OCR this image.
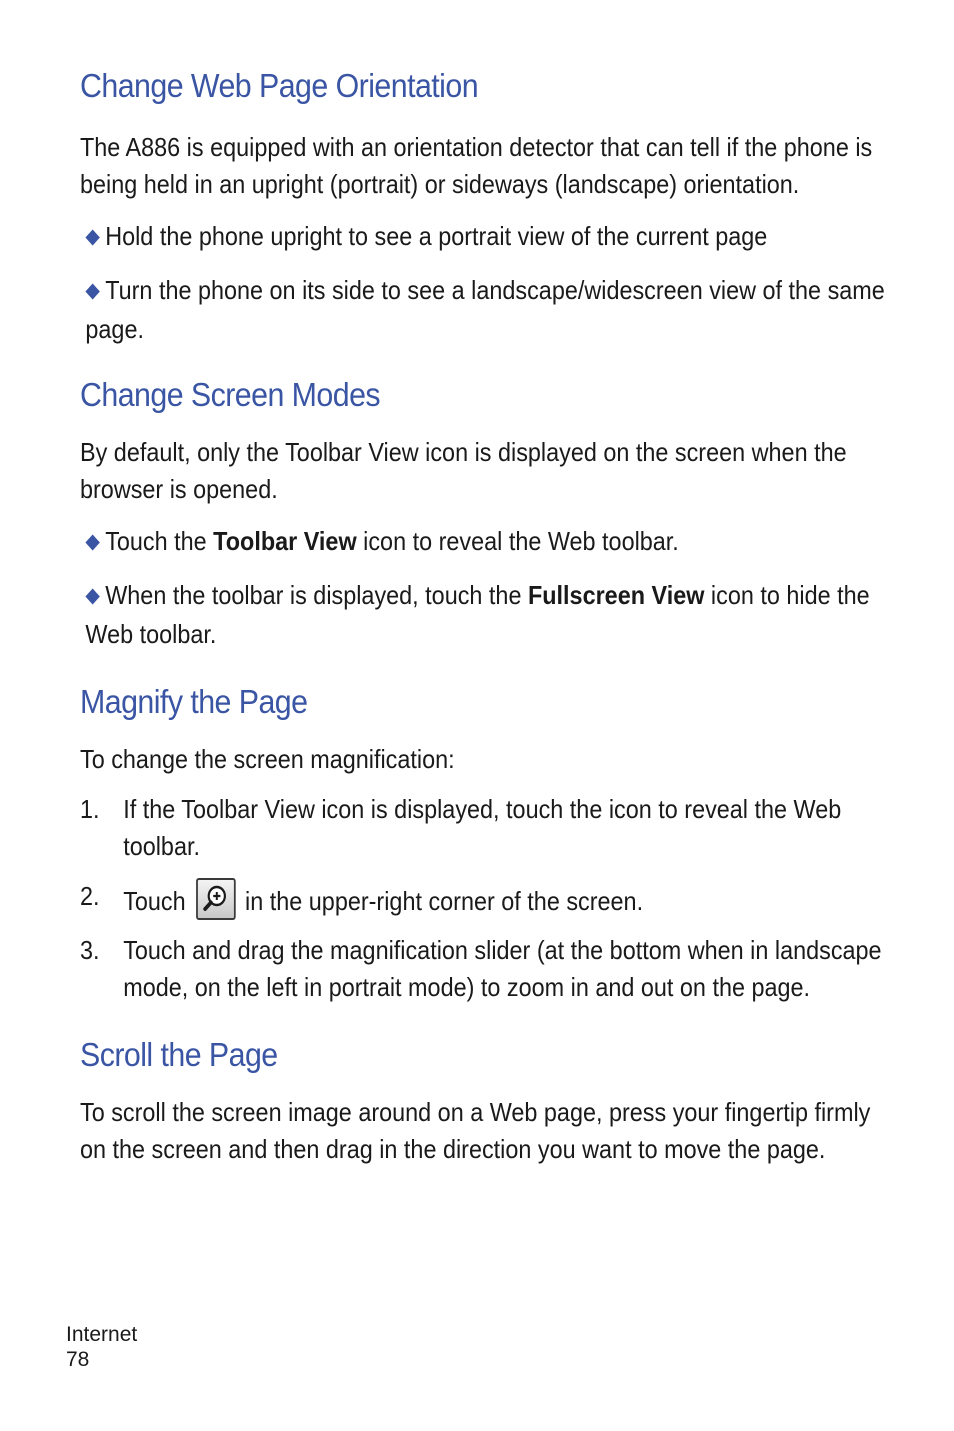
Change Web Page Orientation

The A886 is equipped with an orientation detector that can tell if the phone is being held in an upright (portrait) or sideways (landscape) orientation.

◆ Hold the phone upright to see a portrait view of the current page

◆ Turn the phone on its side to see a landscape/widescreen view of the same page.

Change Screen Modes

By default, only the Toolbar View icon is displayed on the screen when the browser is opened.

◆ Touch the Toolbar View icon to reveal the Web toolbar.

◆ When the toolbar is displayed, touch the Fullscreen View icon to hide the Web toolbar.

Magnify the Page

To change the screen magnification:

1. If the Toolbar View icon is displayed, touch the icon to reveal the Web toolbar.
2. Touch in the upper-right corner of the screen.
3. Touch and drag the magnification slider (at the bottom when in landscape mode, on the left in portrait mode) to zoom in and out on the page.
Scroll the Page

To scroll the screen image around on a Web page, press your fingertip firmly on the screen and then drag in the direction you want to move the page.

Internet
78
